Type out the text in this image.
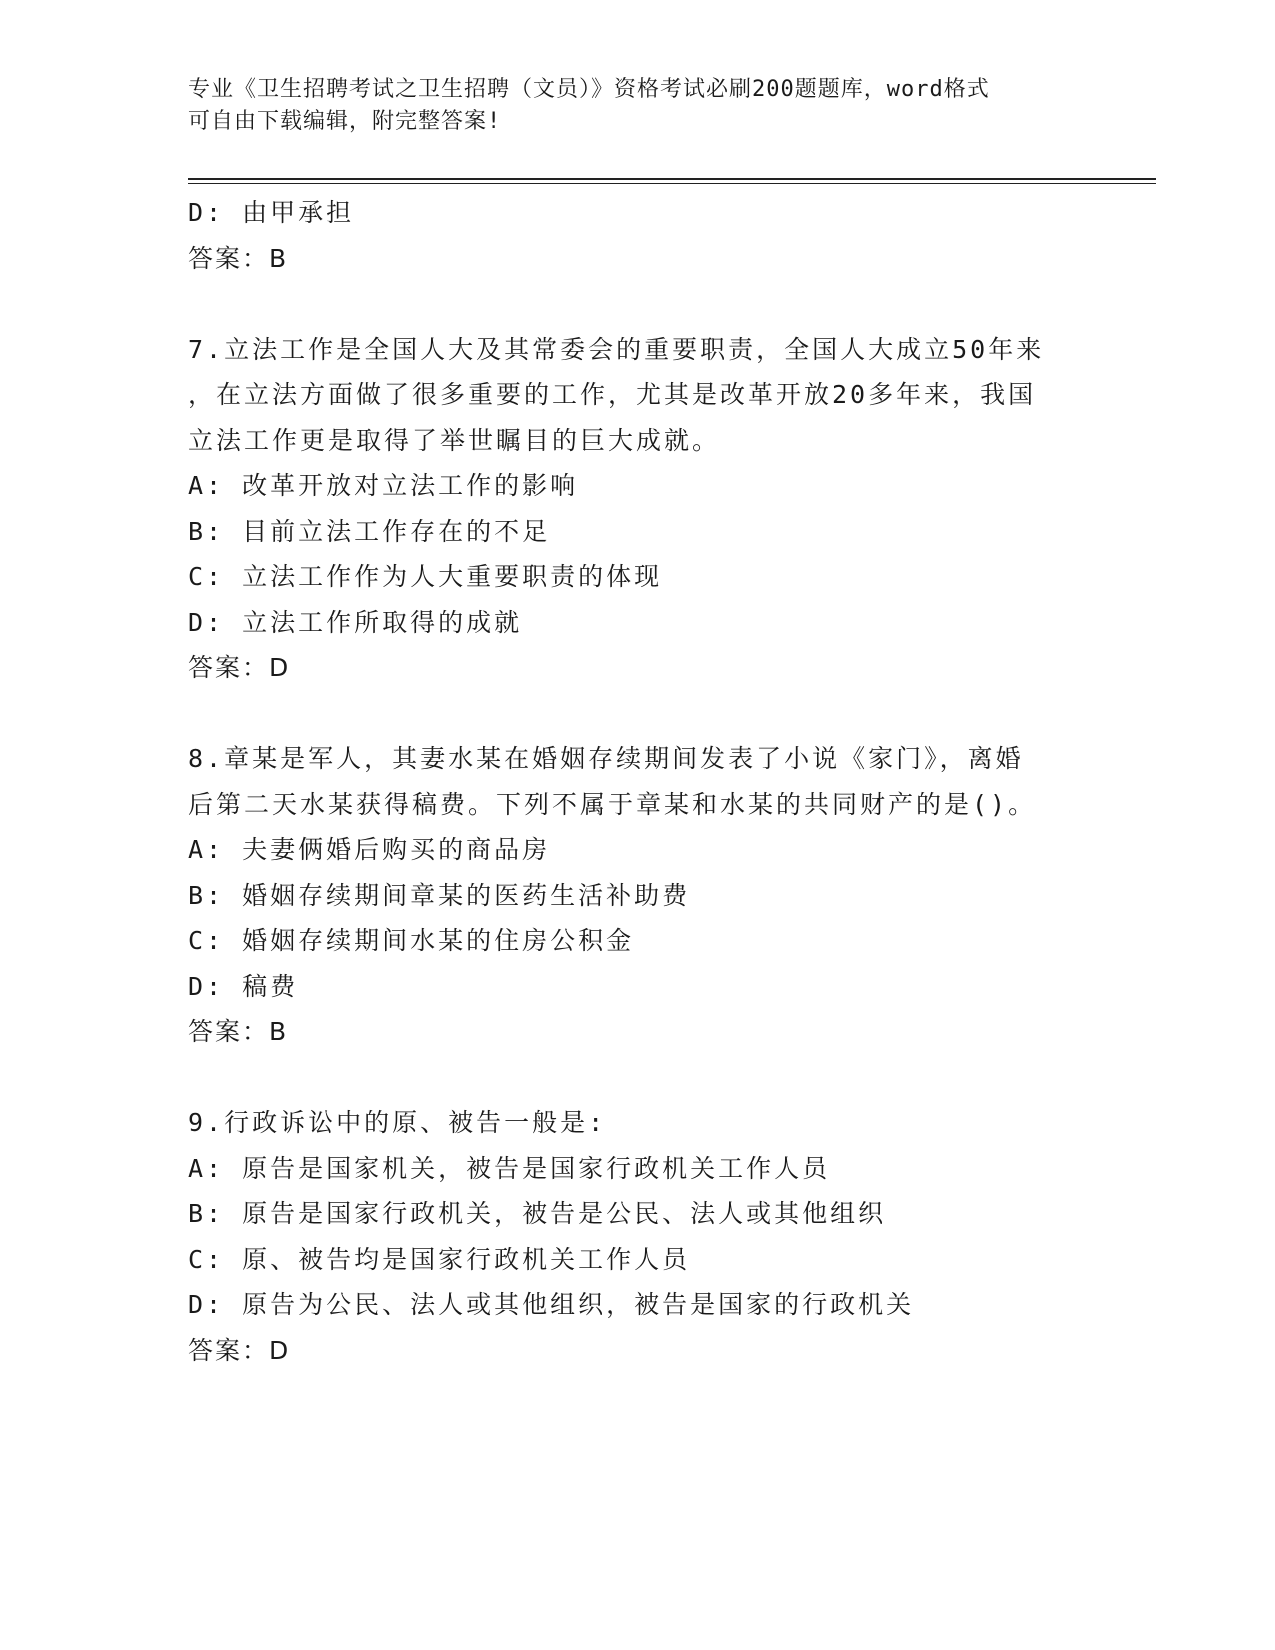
专业《卫生招聘考试之卫生招聘（文员）》资格考试必刷200题题库，word格式
可自由下载编辑，附完整答案!
D: 由甲承担
答案：B
7.立法工作是全国人大及其常委会的重要职责，全国人大成立50年来
，在立法方面做了很多重要的工作，尤其是改革开放20多年来，我国
立法工作更是取得了举世瞩目的巨大成就。
A: 改革开放对立法工作的影响
B: 目前立法工作存在的不足
C: 立法工作作为人大重要职责的体现
D: 立法工作所取得的成就
答案：D
8.章某是军人，其妻水某在婚姻存续期间发表了小说《家门》，离婚
后第二天水某获得稿费。下列不属于章某和水某的共同财产的是()。
A: 夫妻俩婚后购买的商品房
B: 婚姻存续期间章某的医药生活补助费
C: 婚姻存续期间水某的住房公积金
D: 稿费
答案：B
9.行政诉讼中的原、被告一般是:
A: 原告是国家机关，被告是国家行政机关工作人员
B: 原告是国家行政机关，被告是公民、法人或其他组织
C: 原、被告均是国家行政机关工作人员
D: 原告为公民、法人或其他组织，被告是国家的行政机关
答案：D
